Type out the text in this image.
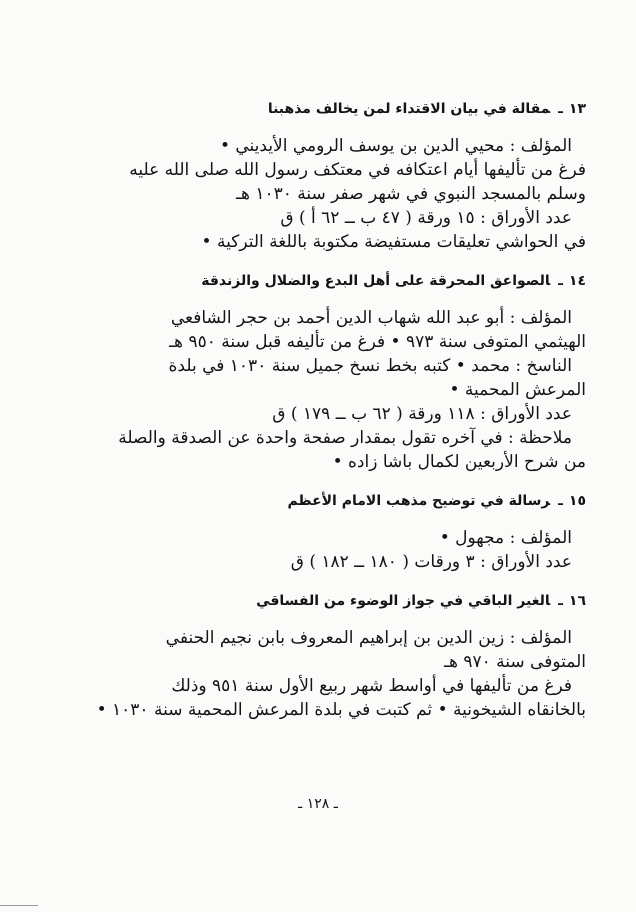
١٣ـمقالة في بيان الاقتداء لمن يخالف مذهبنا
المؤلف : محيي الدين بن يوسف الرومي الأيديني •
فرغ من تأليفها أيام اعتكافه في معتكف رسول الله صلى الله عليه
وسلم بالمسجد النبوي في شهر صفر سنة ١٠٣٠ هـ
عدد الأوراق : ١٥ ورقة ( ٤٧ ب ــ ٦٢ أ ) ق
في الحواشي تعليقات مستفيضة مكتوبة باللغة التركية •
١٤ـالصواعق المحرقة على أهل البدع والضلال والزندقة
المؤلف : أبو عبد الله شهاب الدين أحمد بن حجر الشافعي
الهيثمي المتوفى سنة ٩٧٣ • فرغ من تأليفه قبل سنة ٩٥٠ هـ
الناسخ : محمد • كتبه بخط نسخ جميل سنة ١٠٣٠ في بلدة
المرعش المحمية •
عدد الأوراق : ١١٨ ورقة ( ٦٢ ب ــ ١٧٩ ) ق
ملاحظة : في آخره تقول بمقدار صفحة واحدة عن الصدقة والصلة
من شرح الأربعين لكمال باشا زاده •
١٥ـرسالة في توضيح مذهب الامام الأعظم
المؤلف : مجهول •
عدد الأوراق : ٣ ورقات ( ١٨٠ ــ ١٨٢ ) ق
١٦ـالغير الباقي في جواز الوضوء من الفساقي
المؤلف : زين الدين بن إبراهيم المعروف بابن نجيم الحنفي
المتوفى سنة ٩٧٠ هـ
فرغ من تأليفها في أواسط شهر ربيع الأول سنة ٩٥١ وذلك
بالخانقاه الشيخونية • ثم كتبت في بلدة المرعش المحمية سنة ١٠٣٠ •
ـ ١٢٨ ـ
